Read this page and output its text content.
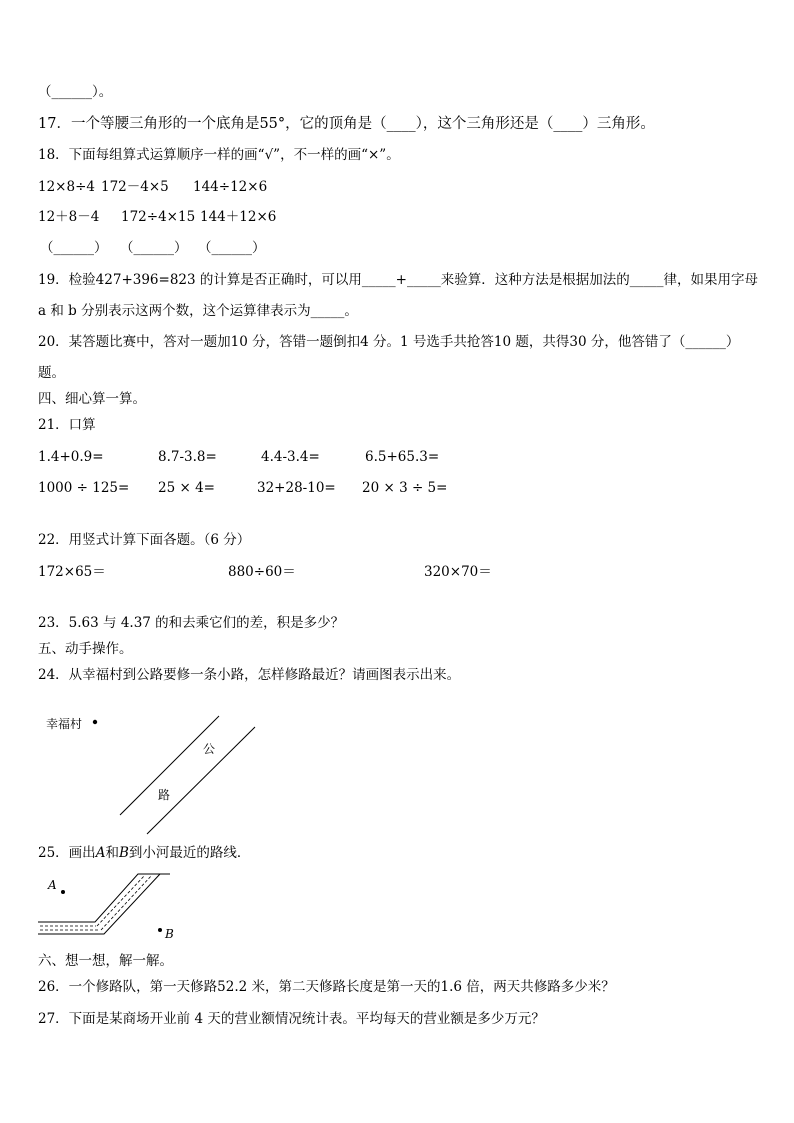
（______）。
17．一个等腰三角形的一个底角是55°，它的顶角是（____），这个三角形还是（____）三角形。
18．下面每组算式运算顺序一样的画“√”，不一样的画“×”。
12×8÷4 172－4×5 144÷12×6
12＋8－4 172÷4×15 144＋12×6
（______） （______） （______）
19．检验427+396=823 的计算是否正确时，可以用_____+_____来验算．这种方法是根据加法的_____律，如果用字母
a 和 b 分别表示这两个数，这个运算律表示为_____。
20．某答题比赛中，答对一题加10 分，答错一题倒扣4 分。1 号选手共抢答10 题，共得30 分，他答错了（______）
题。
四、细心算一算。
21．口算
1.4+0.9=	8.7-3.8=	4.4-3.4=	6.5+65.3=
1000 ÷ 125= 25 × 4=	32+28-10= 20 × 3 ÷ 5=
22．用竖式计算下面各题。（6 分）
172×65＝	880÷60＝	320×70＝
23．5.63 与 4.37 的和去乘它们的差，积是多少？
五、动手操作。
24．从幸福村到公路要修一条小路，怎样修路最近？请画图表示出来。
幸福村
公
路
25．画出A和B到小河最近的路线．
A
B
六、想一想，解一解。
26．一个修路队，第一天修路52.2 米，第二天修路长度是第一天的1.6 倍，两天共修路多少米？
27．下面是某商场开业前 4 天的营业额情况统计表。平均每天的营业额是多少万元？
